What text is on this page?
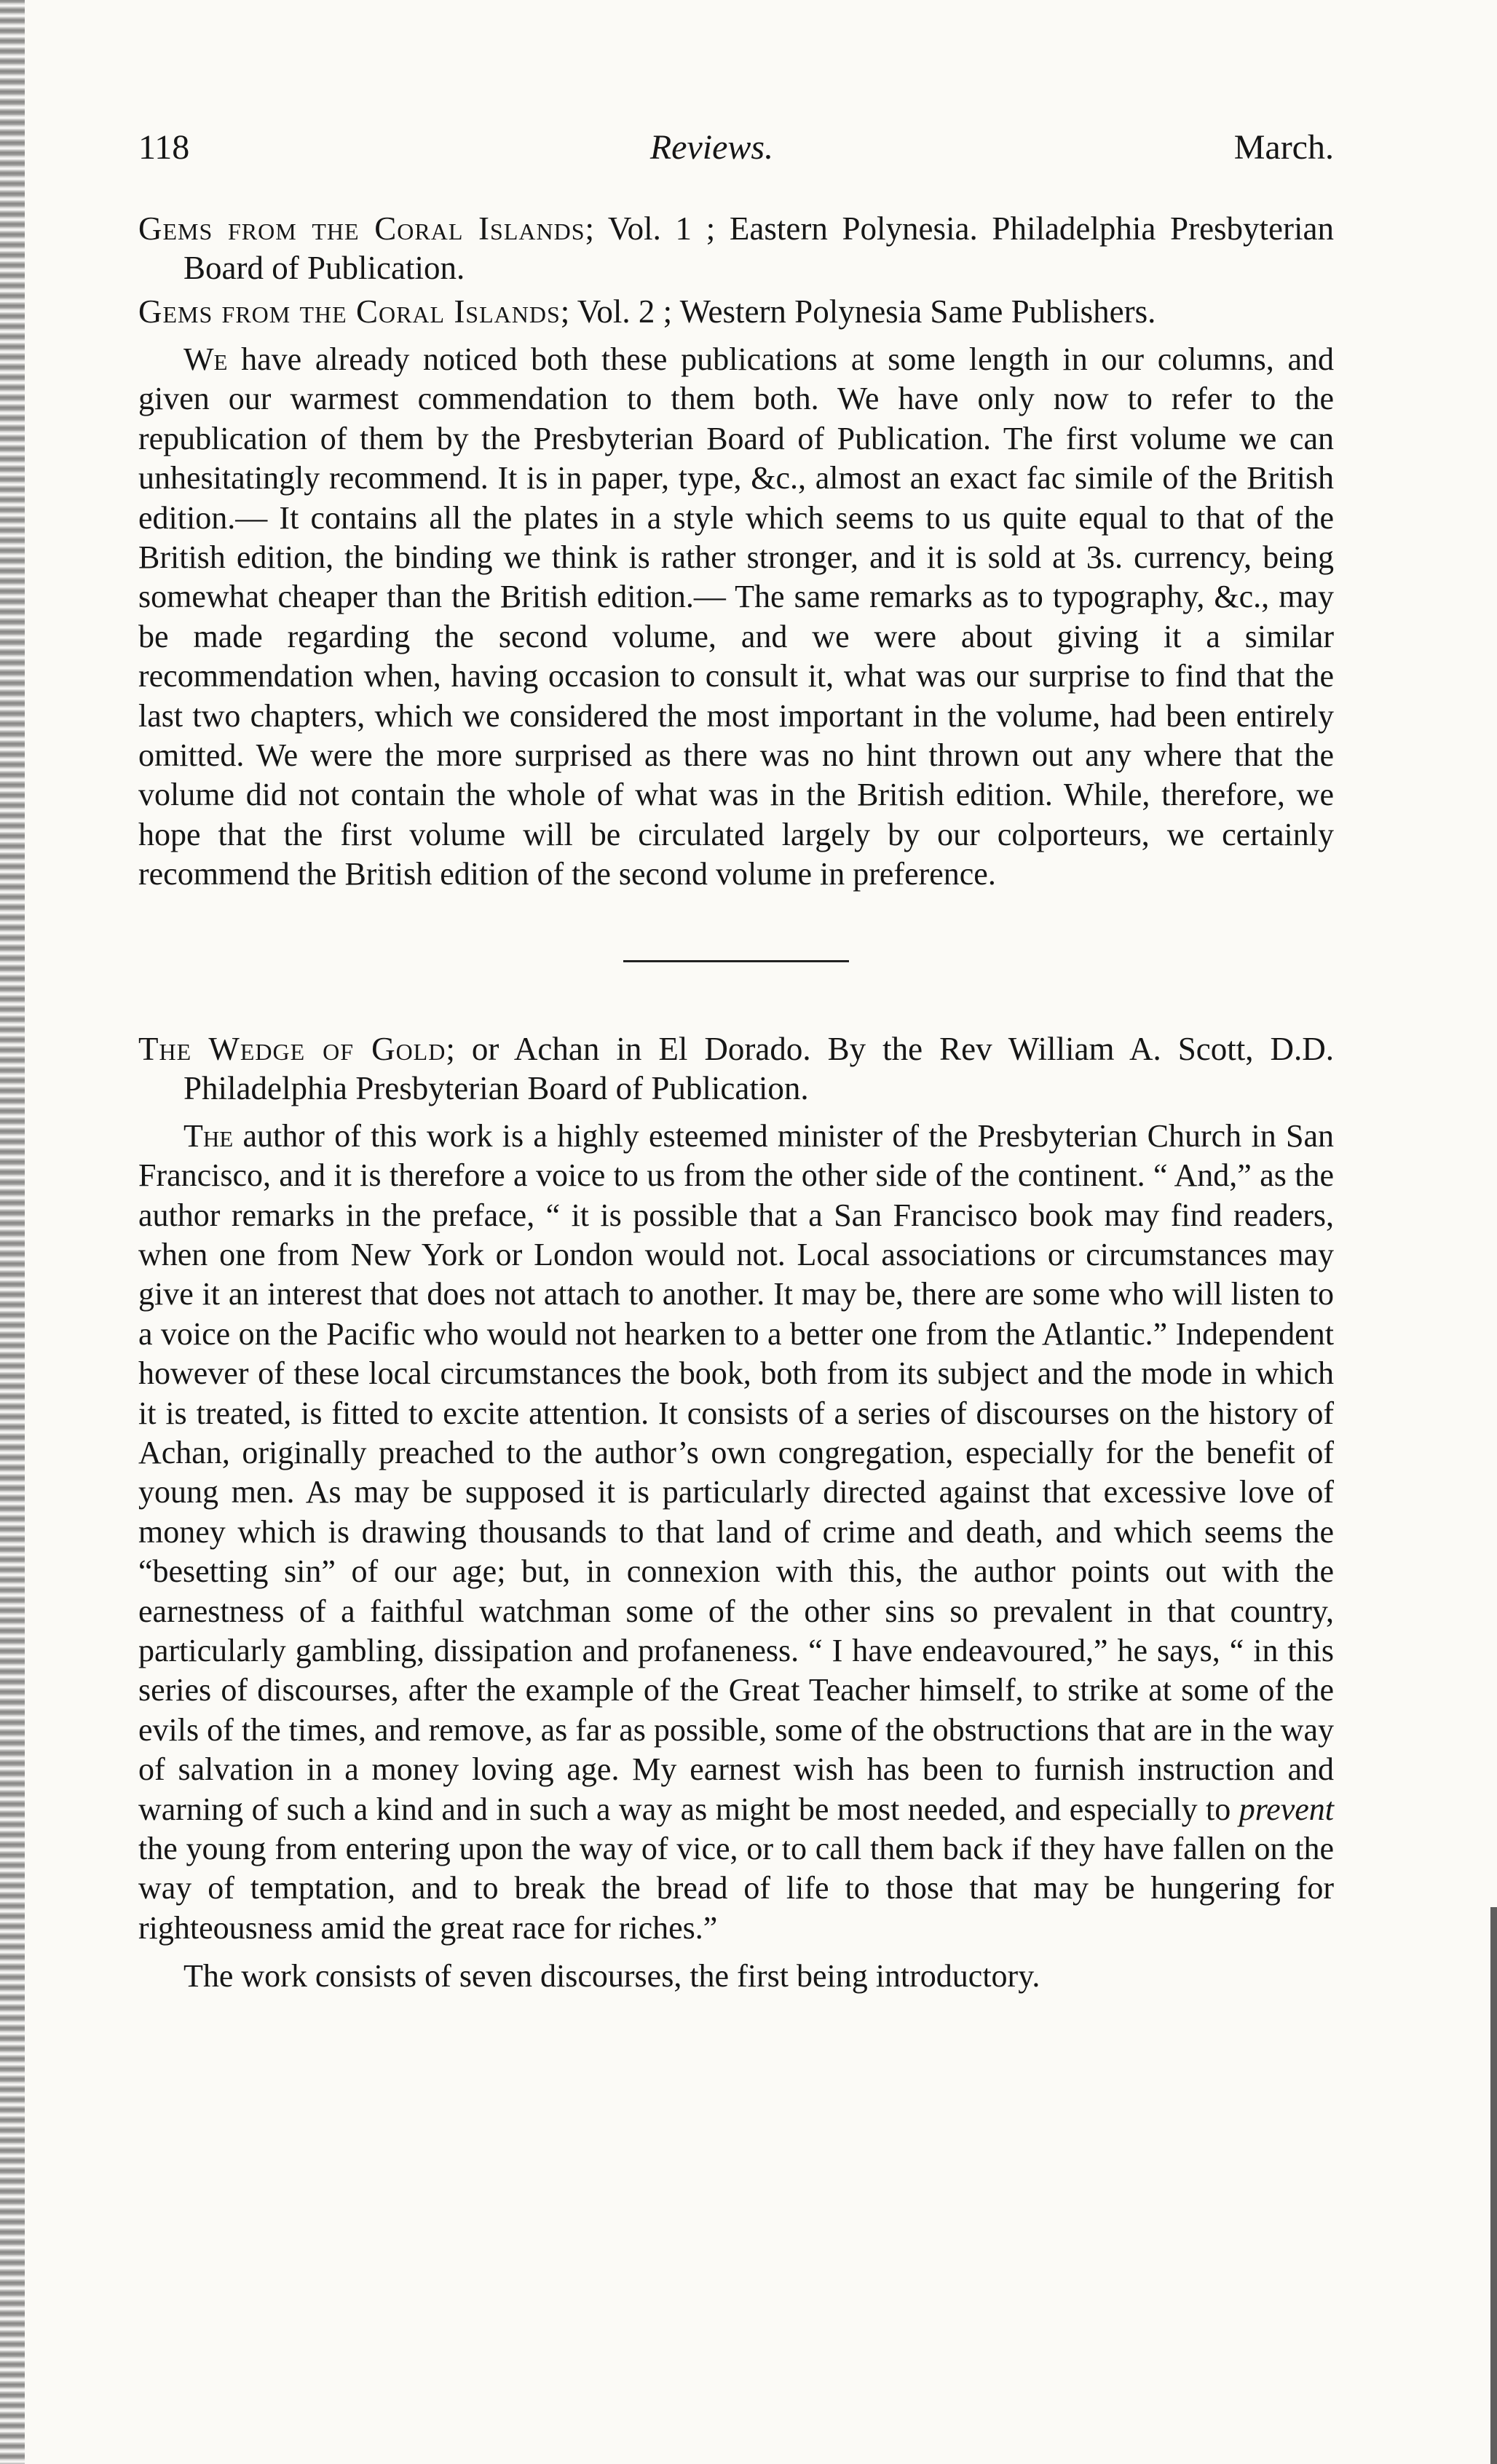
118	Reviews.	March.

Gems from the Coral Islands; Vol. 1 ; Eastern Polynesia. Philadelphia Presbyterian Board of Publication.

Gems from the Coral Islands; Vol. 2 ; Western Polynesia Same Publishers.

We have already noticed both these publications at some length in our columns, and given our warmest commendation to them both. We have only now to refer to the republication of them by the Presbyterian Board of Publication. The first volume we can unhesitatingly recommend. It is in paper, type, &c., almost an exact fac simile of the British edition.— It contains all the plates in a style which seems to us quite equal to that of the British edition, the binding we think is rather stronger, and it is sold at 3s. currency, being somewhat cheaper than the British edition.— The same remarks as to typography, &c., may be made regarding the second volume, and we were about giving it a similar recommendation when, having occasion to consult it, what was our surprise to find that the last two chapters, which we considered the most important in the volume, had been entirely omitted. We were the more surprised as there was no hint thrown out any where that the volume did not contain the whole of what was in the British edition. While, therefore, we hope that the first volume will be circulated largely by our colporteurs, we certainly recommend the British edition of the second volume in preference.

The Wedge of Gold; or Achan in El Dorado. By the Rev William A. Scott, D.D. Philadelphia Presbyterian Board of Publication.

The author of this work is a highly esteemed minister of the Presbyterian Church in San Francisco, and it is therefore a voice to us from the other side of the continent. “ And,” as the author remarks in the preface, “ it is possible that a San Francisco book may find readers, when one from New York or London would not. Local associations or circumstances may give it an interest that does not attach to another. It may be, there are some who will listen to a voice on the Pacific who would not hearken to a better one from the Atlantic.” Independent however of these local circumstances the book, both from its subject and the mode in which it is treated, is fitted to excite attention. It consists of a series of discourses on the history of Achan, originally preached to the author’s own congregation, especially for the benefit of young men. As may be supposed it is particularly directed against that excessive love of money which is drawing thousands to that land of crime and death, and which seems the “besetting sin” of our age; but, in connexion with this, the author points out with the earnestness of a faithful watchman some of the other sins so prevalent in that country, particularly gambling, dissipation and profaneness. “ I have endeavoured,” he says, “ in this series of discourses, after the example of the Great Teacher himself, to strike at some of the evils of the times, and remove, as far as possible, some of the obstructions that are in the way of salvation in a money loving age. My earnest wish has been to furnish instruction and warning of such a kind and in such a way as might be most needed, and especially to prevent the young from entering upon the way of vice, or to call them back if they have fallen on the way of temptation, and to break the bread of life to those that may be hungering for righteousness amid the great race for riches.”

The work consists of seven discourses, the first being introductory.
